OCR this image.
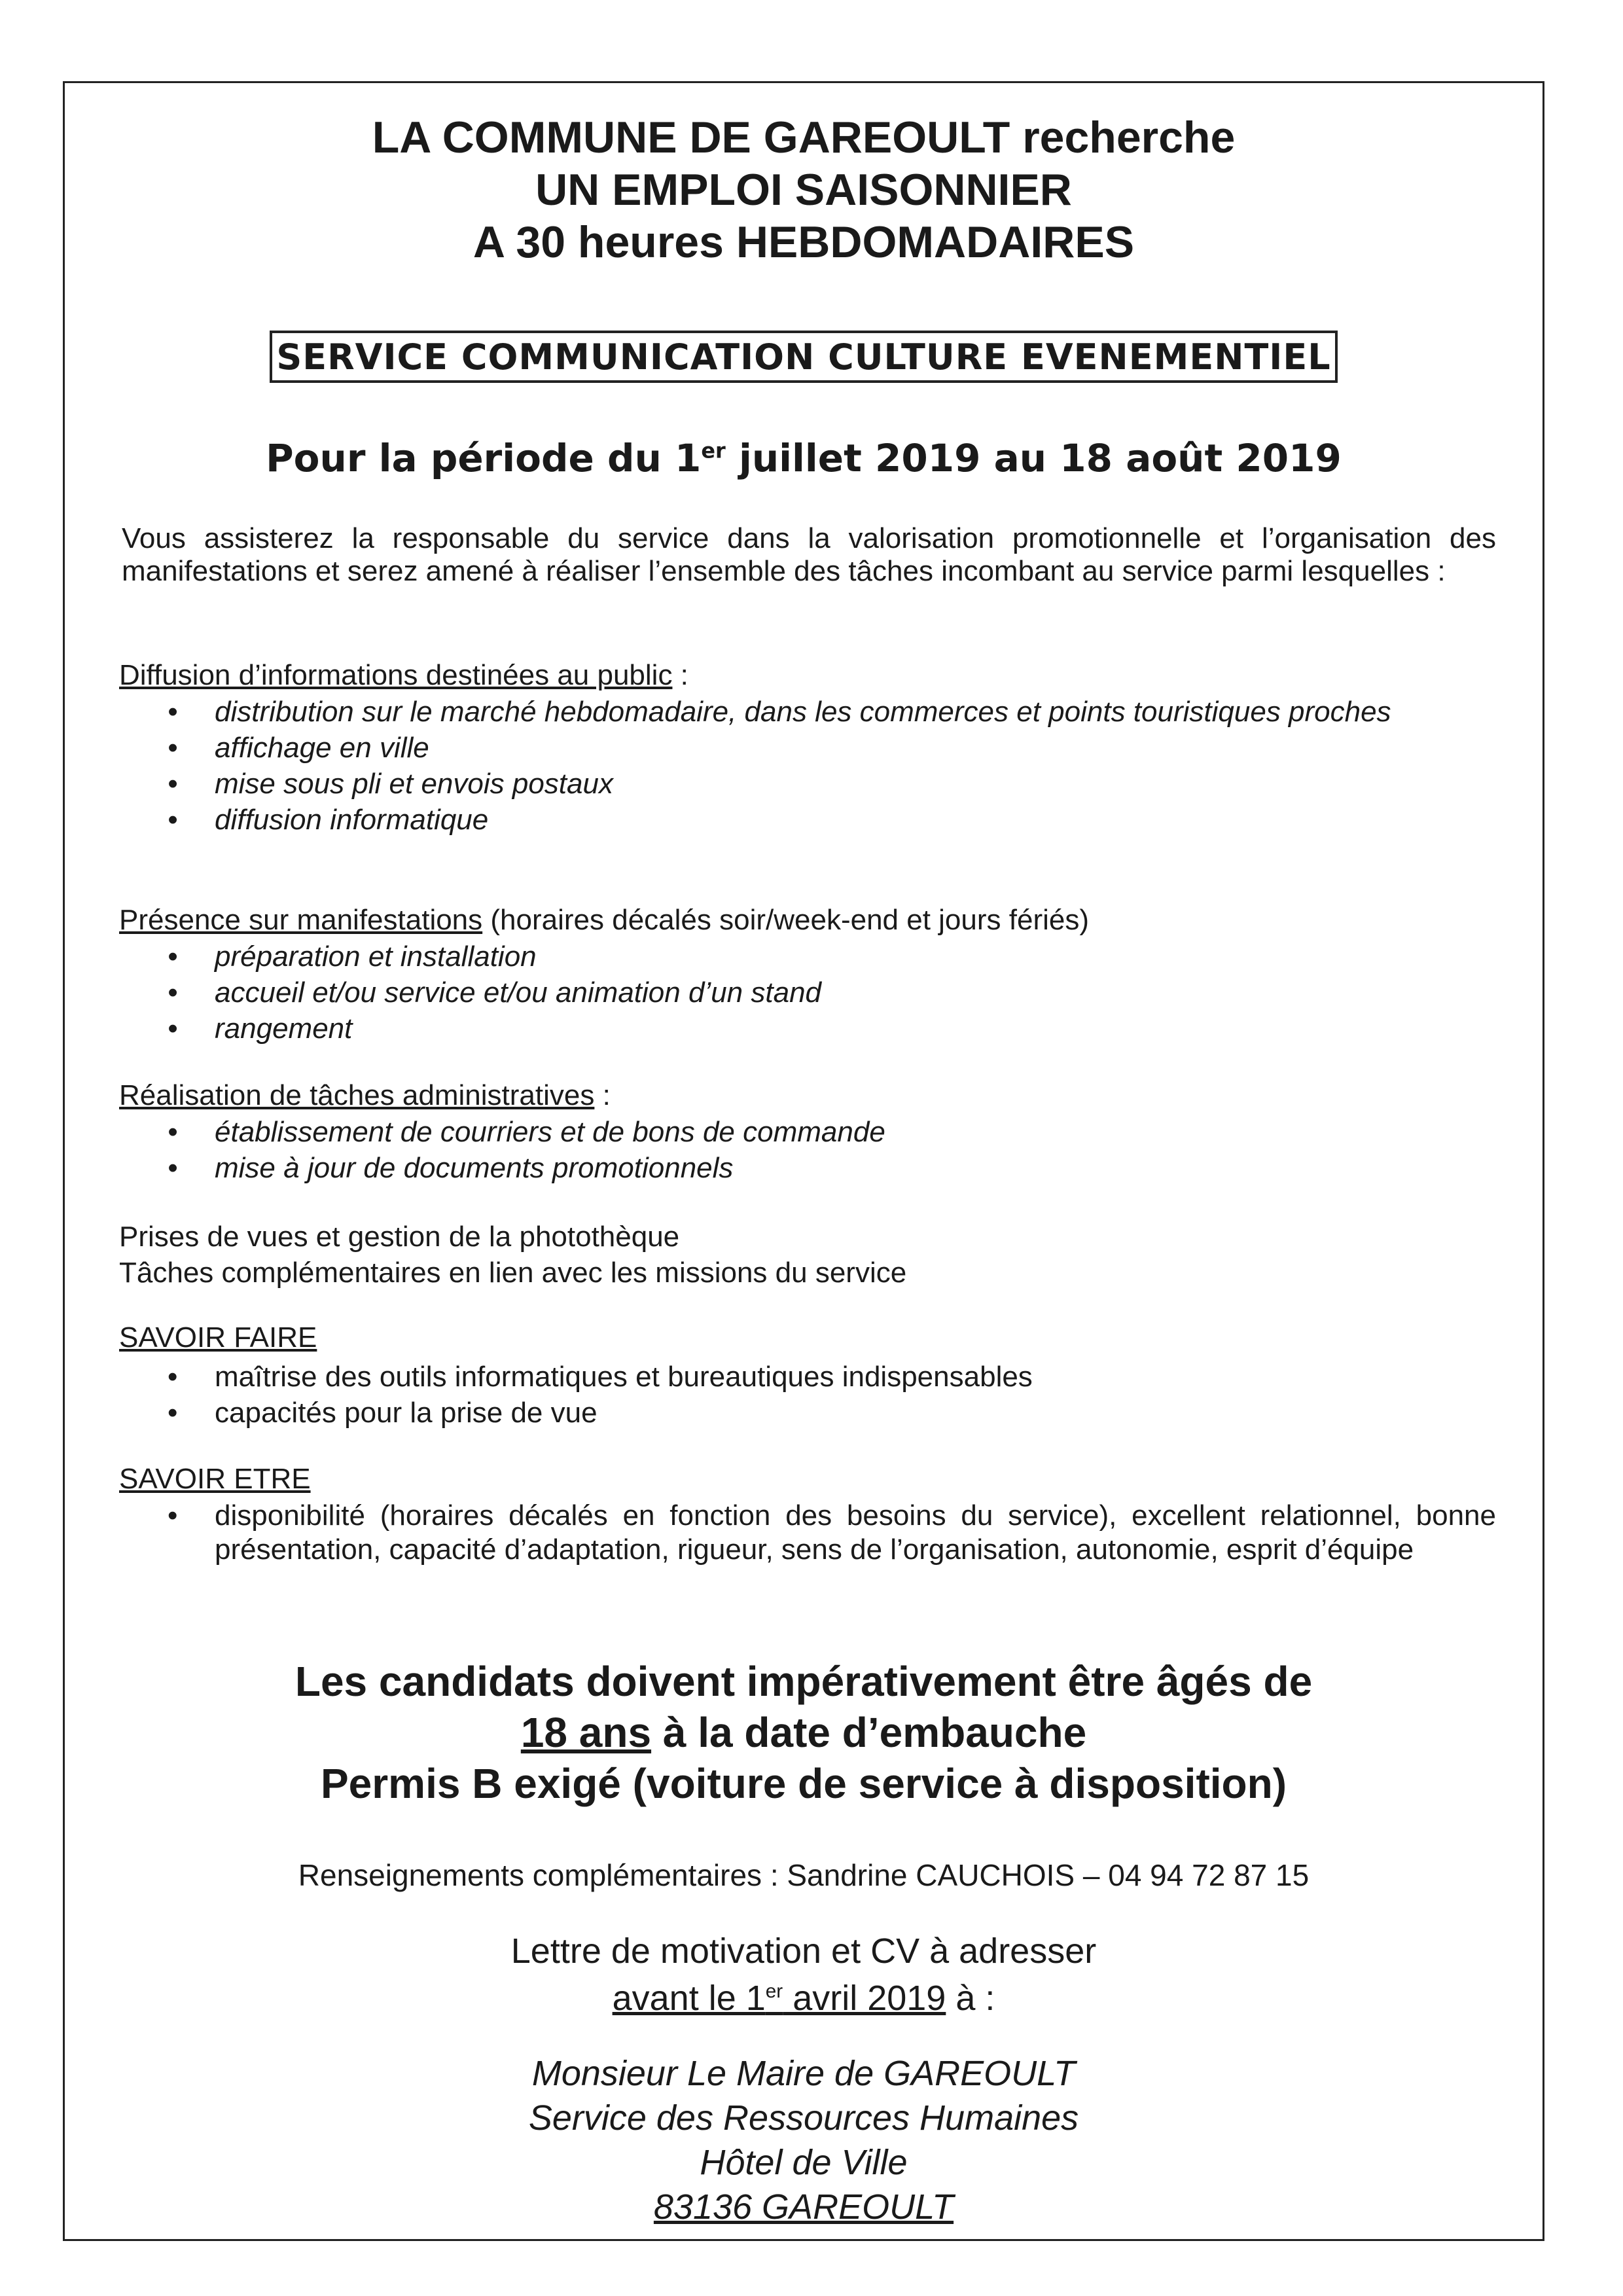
LA COMMUNE DE GAREOULT recherche
UN EMPLOI SAISONNIER
A 30 heures HEBDOMADAIRES
SERVICE COMMUNICATION CULTURE EVENEMENTIEL
Pour la période du 1er juillet 2019 au 18 août 2019
Vous assisterez la responsable du service dans la valorisation promotionnelle et l’organisation des manifestations et serez amené à réaliser l’ensemble des tâches incombant au service parmi lesquelles :
Diffusion d’informations destinées au public :
• distribution sur le marché hebdomadaire, dans les commerces et points touristiques proches
• affichage en ville
• mise sous pli et envois postaux
• diffusion informatique
Présence sur manifestations (horaires décalés soir/week-end et jours fériés)
• préparation et installation
• accueil et/ou service et/ou animation d’un stand
• rangement
Réalisation de tâches administratives :
• établissement de courriers et de bons de commande
• mise à jour de documents promotionnels
Prises de vues et gestion de la photothèque
Tâches complémentaires en lien avec les missions du service
SAVOIR FAIRE
• maîtrise des outils informatiques et bureautiques indispensables
• capacités pour la prise de vue
SAVOIR ETRE
• disponibilité (horaires décalés en fonction des besoins du service), excellent relationnel, bonne présentation, capacité d’adaptation, rigueur, sens de l’organisation, autonomie, esprit d’équipe
Les candidats doivent impérativement être âgés de
18 ans à la date d’embauche
Permis B exigé (voiture de service à disposition)
Renseignements complémentaires : Sandrine CAUCHOIS – 04 94 72 87 15
Lettre de motivation et CV à adresser
avant le 1er avril 2019 à :
Monsieur Le Maire de GAREOULT
Service des Ressources Humaines
Hôtel de Ville
83136 GAREOULT
